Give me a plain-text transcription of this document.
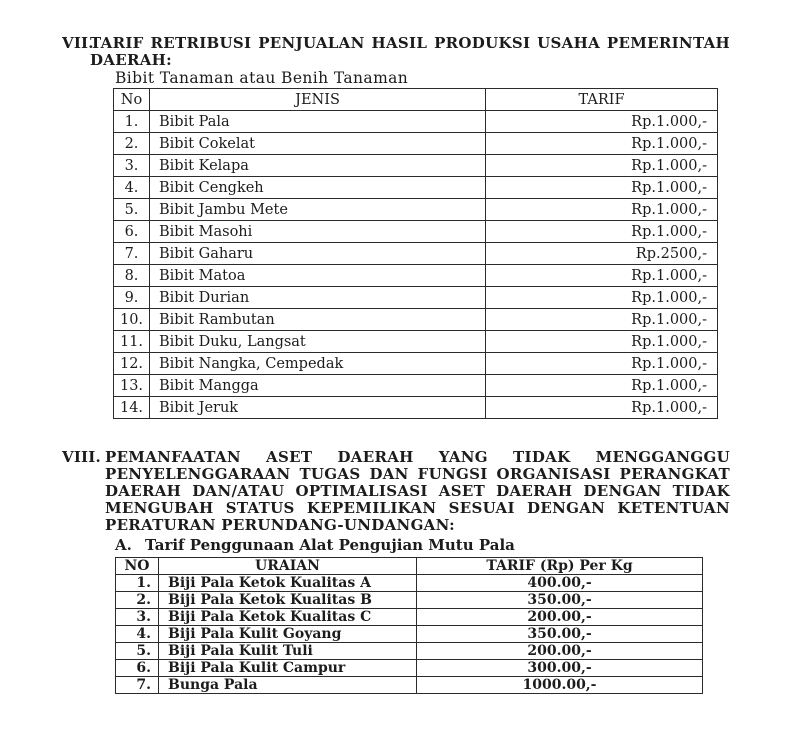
VII.
TARIF RETRIBUSI PENJUALAN HASIL PRODUKSI USAHA PEMERINTAH
DAERAH:
Bibit Tanaman atau Benih Tanaman
No	JENIS	TARIF
1.	Bibit Pala	Rp.1.000,-
2.	Bibit Cokelat	Rp.1.000,-
3.	Bibit Kelapa	Rp.1.000,-
4.	Bibit Cengkeh	Rp.1.000,-
5.	Bibit Jambu Mete	Rp.1.000,-
6.	Bibit Masohi	Rp.1.000,-
7.	Bibit Gaharu	Rp.2500,-
8.	Bibit Matoa	Rp.1.000,-
9.	Bibit Durian	Rp.1.000,-
10.	Bibit Rambutan	Rp.1.000,-
11.	Bibit Duku, Langsat	Rp.1.000,-
12.	Bibit Nangka, Cempedak	Rp.1.000,-
13.	Bibit Mangga	Rp.1.000,-
14.	Bibit Jeruk	Rp.1.000,-
VIII. PEMANFAATAN ASET DAERAH YANG TIDAK MENGGANGGU
PENYELENGGARAAN TUGAS DAN FUNGSI ORGANISASI PERANGKAT
DAERAH DAN/ATAU OPTIMALISASI ASET DAERAH DENGAN TIDAK
MENGUBAH STATUS KEPEMILIKAN SESUAI DENGAN KETENTUAN
PERATURAN PERUNDANG-UNDANGAN:
A. Tarif Penggunaan Alat Pengujian Mutu Pala
NO	URAIAN	TARIF (Rp) Per Kg
1.	Biji Pala Ketok Kualitas A	400.00,-
2.	Biji Pala Ketok Kualitas B	350.00,-
3.	Biji Pala Ketok Kualitas C	200.00,-
4.	Biji Pala Kulit Goyang	350.00,-
5.	Biji Pala Kulit Tuli	200.00,-
6.	Biji Pala Kulit Campur	300.00,-
7.	Bunga Pala	1000.00,-
